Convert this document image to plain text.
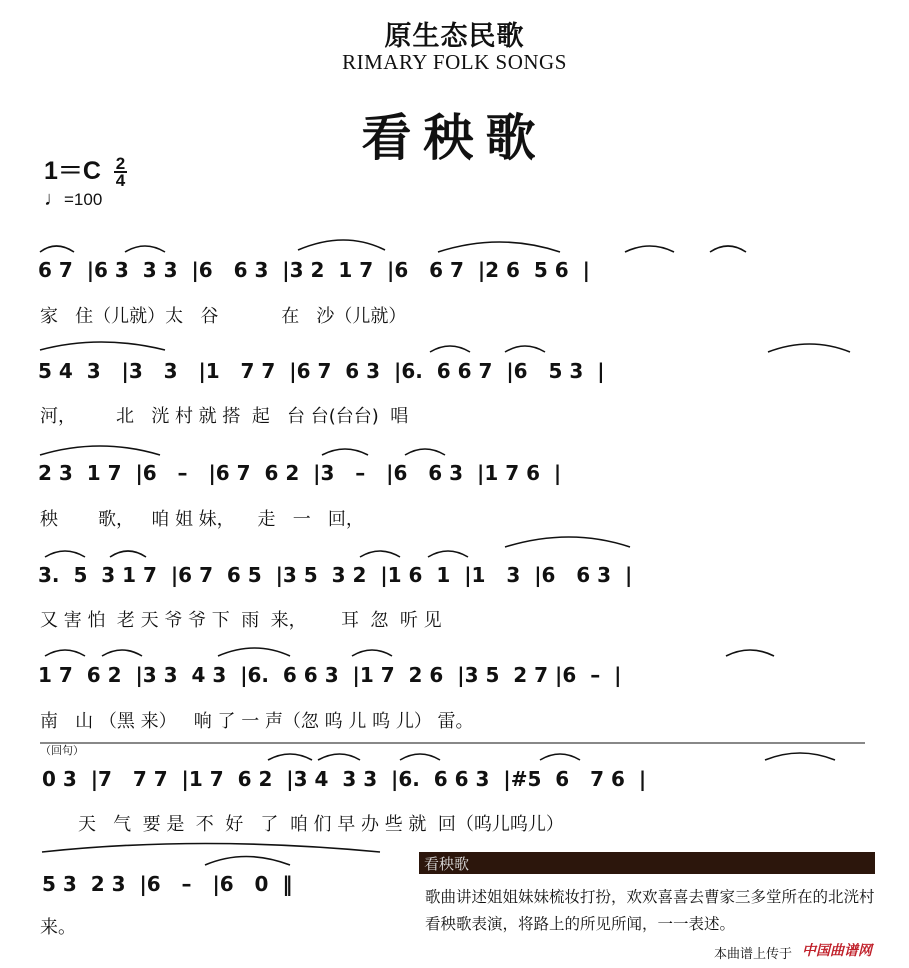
原生态民歌
RIMARY FOLK SONGS
看秧歌
$1=C \frac{2}{4}$
♩=100
6 7  |6 3  3 3  |6   6 3  |3 2  1 7  |6   6 7  |2 6  5 6  |
家   住（儿就）太   谷           在   沙（儿就）
5 4  3   |3   3   |1   7 7  |6 7  6 3  |6.  6 6 7  |6   5 3  |
河，       北   洸 村 就 搭  起   台 台(台台)  唱
2 3  1 7  |6   –   |6 7  6 2  |3   –   |6   6 3  |1 7 6  |
秧       歌，   咱 姐 妹，    走   一   回，
3.  5  3 1 7  |6 7  6 5  |3 5  3 2  |1 6  1  |1   3  |6   6 3  |
又 害 怕  老 天 爷 爷 下  雨  来，      耳  忽  听 见
1 7  6 2  |3 3  4 3  |6.  6 6 3  |1 7  2 6  |3 5  2 7 |6  –  |
南   山 （黑 来）   响 了 一 声（忽 呜 儿 呜 儿） 雷。
（回句）
0 3  |7   7 7  |1 7  6 2  |3 4  3 3  |6.  6 6 3  |#5  6   7 6  |
天   气  要 是  不  好   了  咱 们 早 办 些 就  回（呜儿呜儿）
5 3  2 3  |6   –   |6   0  ‖
来。
看秧歌
歌曲讲述姐姐妹妹梳妆打扮，欢欢喜喜去曹家三多堂所在的北洸村看秧歌表演，将路上的所见所闻，一一表述。
本曲谱上传于 中国曲谱网
